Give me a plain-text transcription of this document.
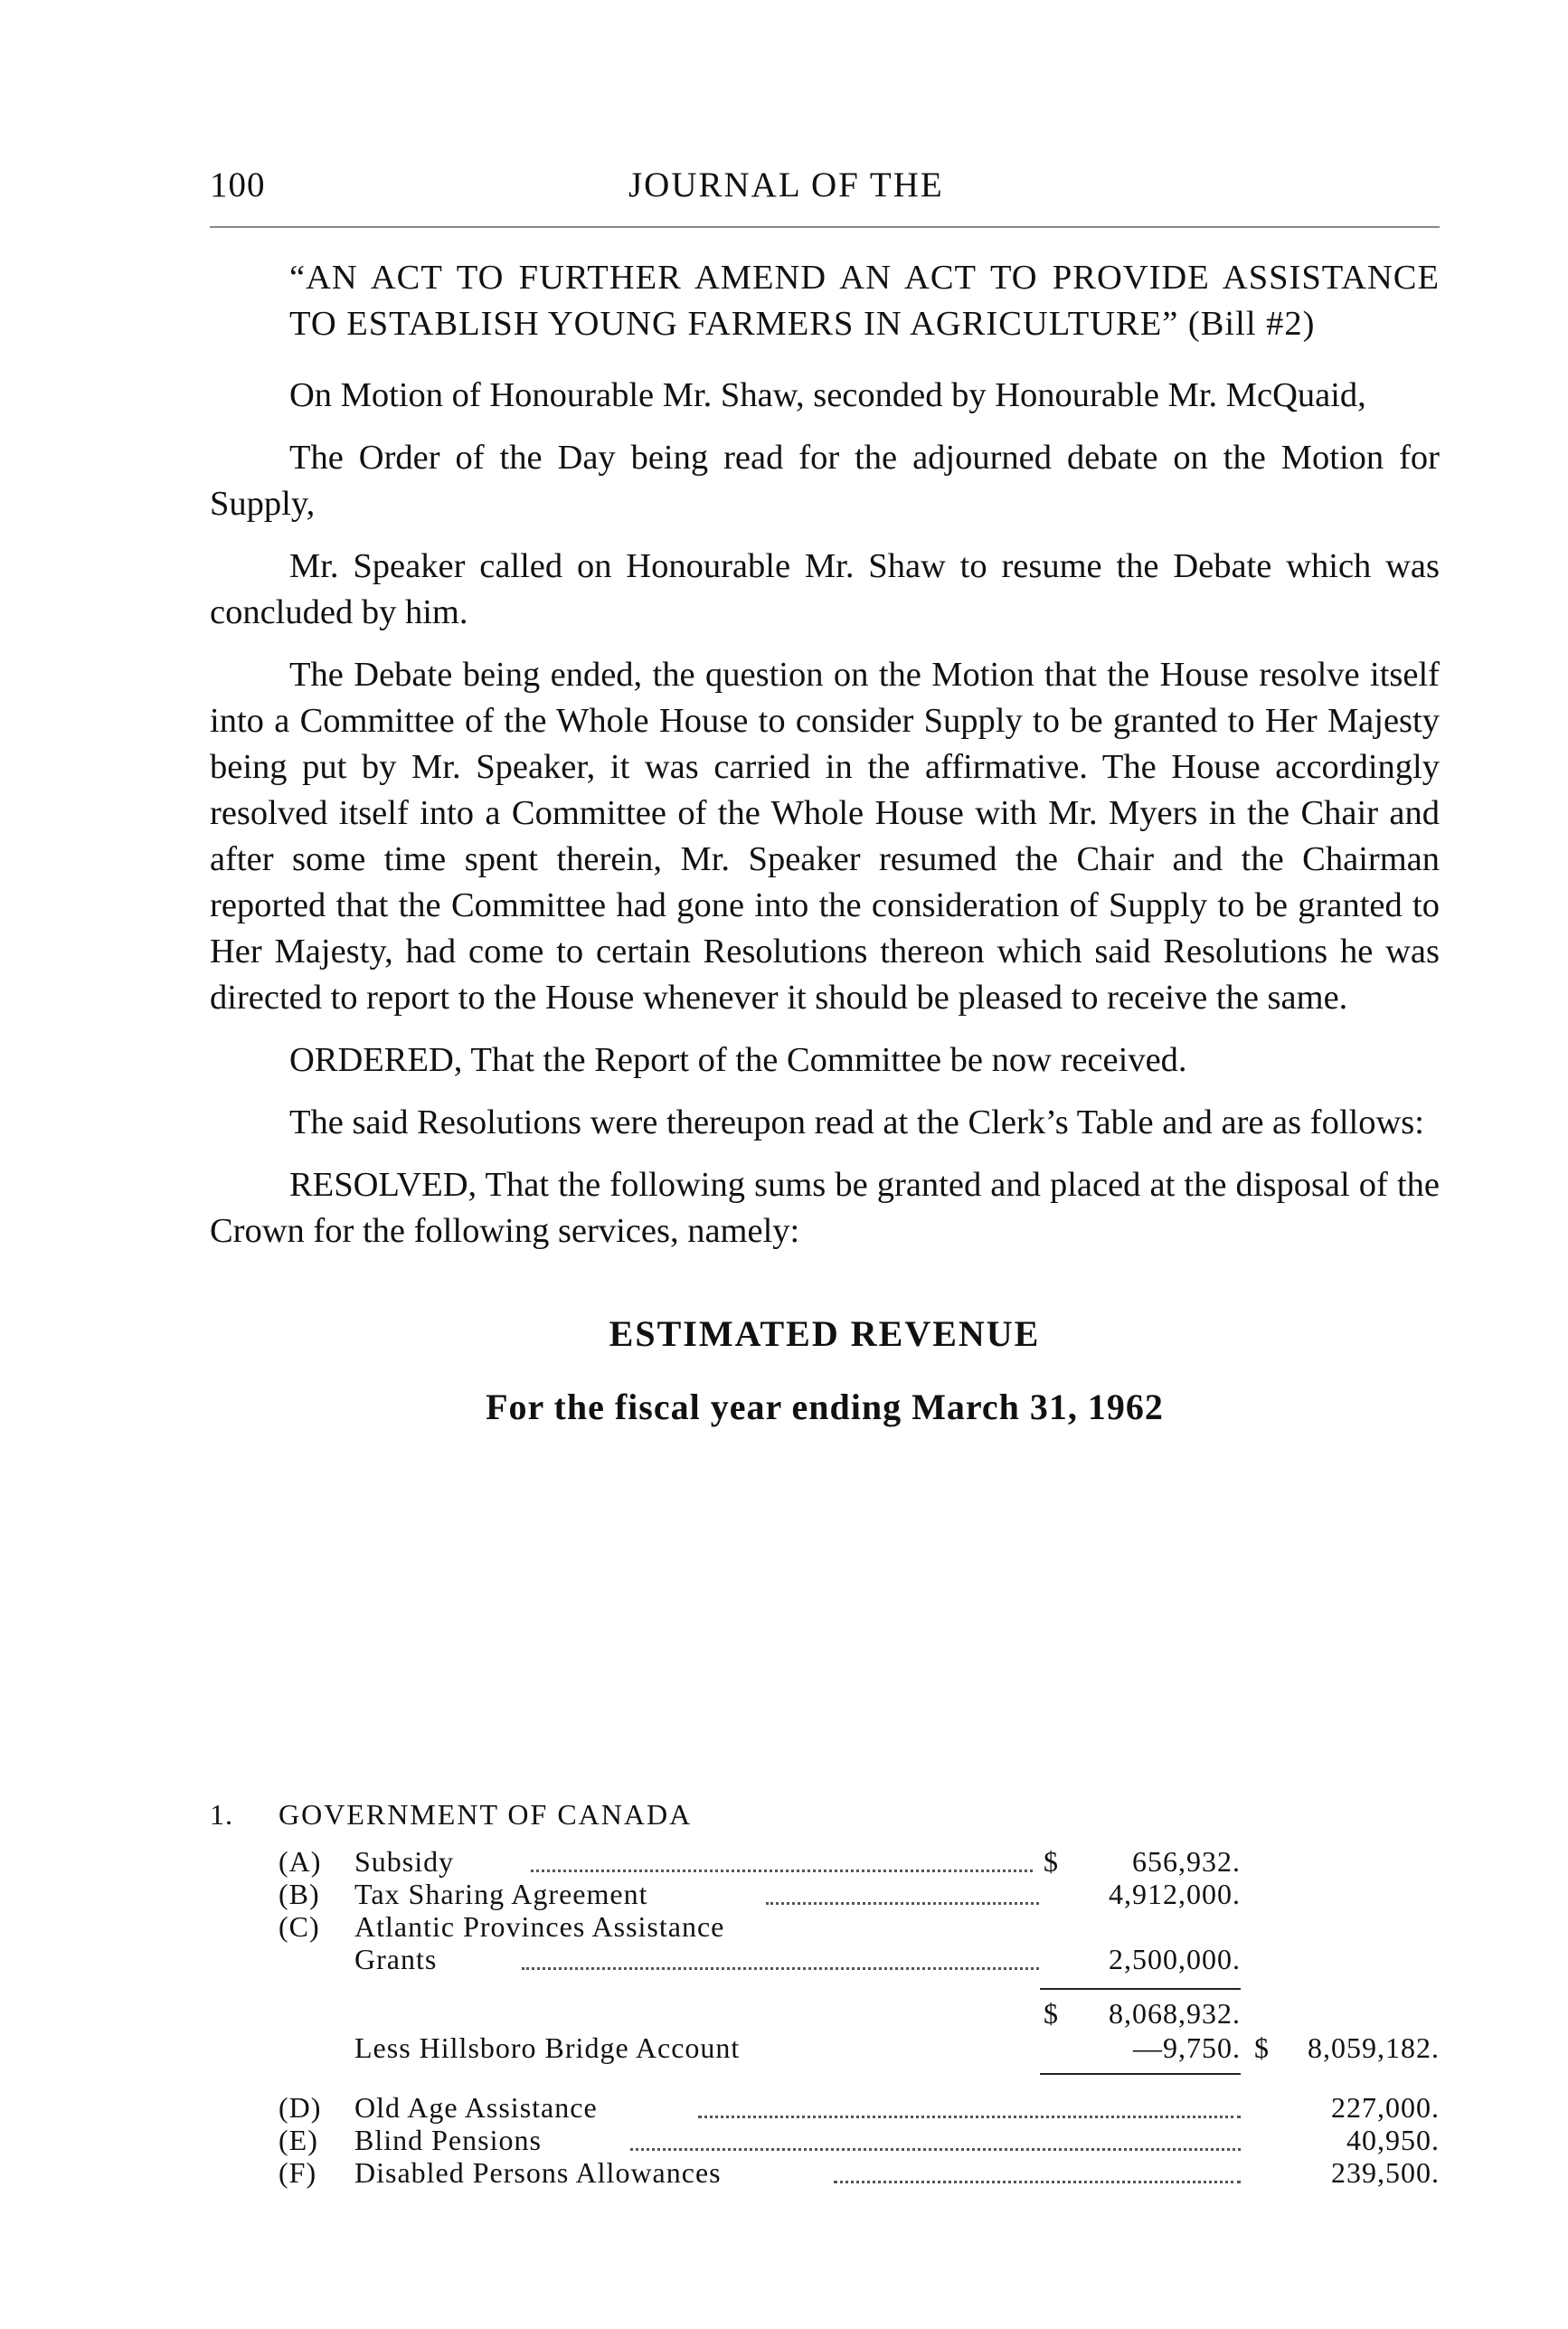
100	JOURNAL OF THE

“AN ACT TO FURTHER AMEND AN ACT TO PROVIDE ASSISTANCE TO ESTABLISH YOUNG FARMERS IN AGRICULTURE” (Bill #2)

On Motion of Honourable Mr. Shaw, seconded by Honourable Mr. McQuaid,

The Order of the Day being read for the adjourned debate on the Motion for Supply,

Mr. Speaker called on Honourable Mr. Shaw to resume the Debate which was concluded by him.

The Debate being ended, the question on the Motion that the House resolve itself into a Committee of the Whole House to consider Supply to be granted to Her Majesty being put by Mr. Speaker, it was carried in the affirmative. The House accordingly resolved itself into a Committee of the Whole House with Mr. Myers in the Chair and after some time spent therein, Mr. Speaker resumed the Chair and the Chairman reported that the Committee had gone into the consideration of Supply to be granted to Her Majesty, had come to certain Resolutions thereon which said Resolutions he was directed to report to the House whenever it should be pleased to receive the same.

ORDERED, That the Report of the Committee be now received.

The said Resolutions were thereupon read at the Clerk’s Table and are as follows:

RESOLVED, That the following sums be granted and placed at the disposal of the Crown for the following services, namely:

ESTIMATED REVENUE

For the fiscal year ending March 31, 1962

1. GOVERNMENT OF CANADA
(A) Subsidy	$	656,932.
(B) Tax Sharing Agreement	4,912,000.
(C) Atlantic Provinces Assistance
Grants	2,500,000.
$	8,068,932.
Less Hillsboro Bridge Account	—9,750. $	8,059,182.
(D) Old Age Assistance	227,000.
(E) Blind Pensions	40,950.
(F) Disabled Persons Allowances	239,500.
